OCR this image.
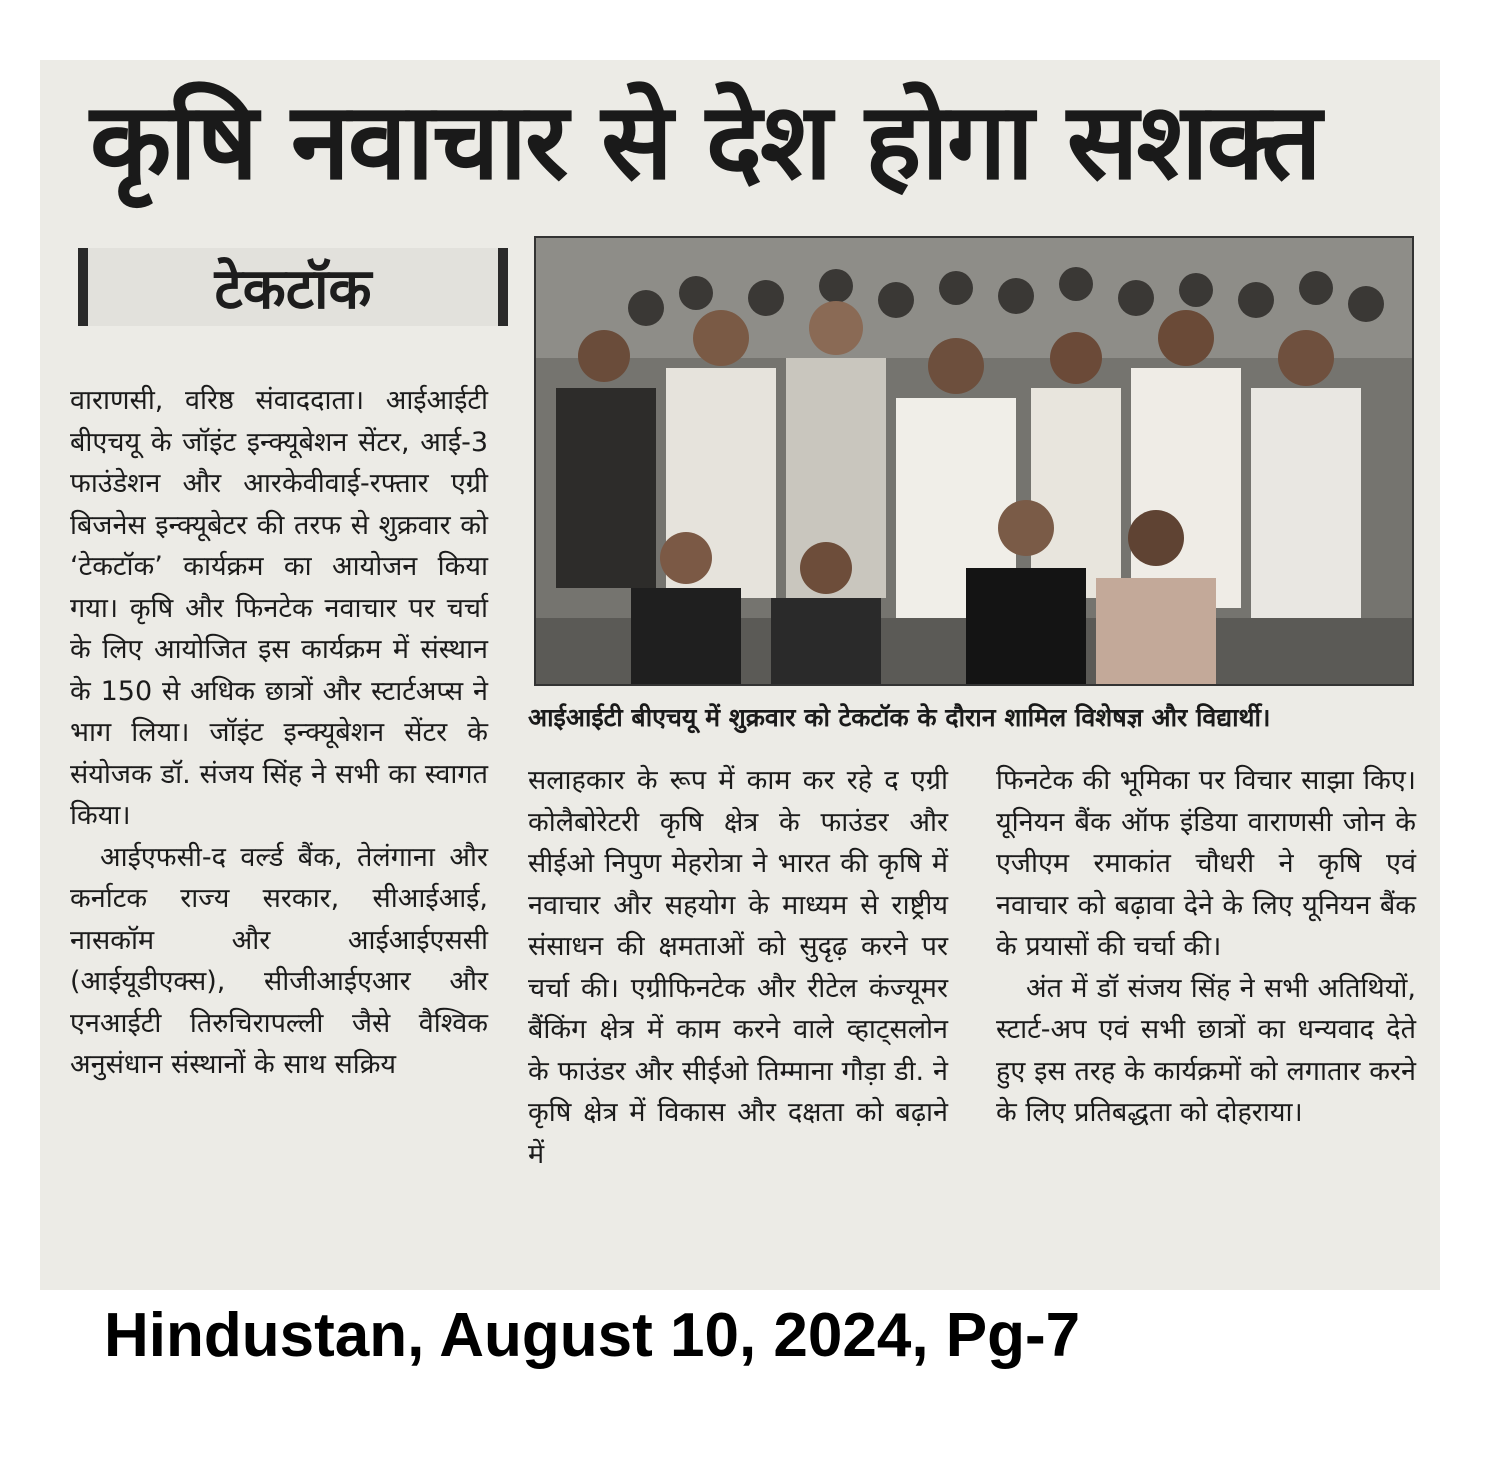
कृषि नवाचार से देश होगा सशक्त
टेकटॉक
आईआईटी बीएचयू में शुक्रवार को टेकटॉक के दौरान शामिल विशेषज्ञ और विद्यार्थी।

वाराणसी, वरिष्ठ संवाददाता। आईआईटी बीएचयू के जॉइंट इन्क्यूबेशन सेंटर, आई-3 फाउंडेशन और आरकेवीवाई-रफ्तार एग्री बिजनेस इन्क्यूबेटर की तरफ से शुक्रवार को ‘टेकटॉक’ कार्यक्रम का आयोजन किया गया। कृषि और फिनटेक नवाचार पर चर्चा के लिए आयोजित इस कार्यक्रम में संस्थान के 150 से अधिक छात्रों और स्टार्टअप्स ने भाग लिया। जॉइंट इन्क्यूबेशन सेंटर के संयोजक डॉ. संजय सिंह ने सभी का स्वागत किया।

आईएफसी-द वर्ल्ड बैंक, तेलंगाना और कर्नाटक राज्य सरकार, सीआईआई, नासकॉम और आईआईएससी (आईयूडीएक्स), सीजीआईएआर और एनआईटी तिरुचिरापल्ली जैसे वैश्विक अनुसंधान संस्थानों के साथ सक्रिय

सलाहकार के रूप में काम कर रहे द एग्री कोलैबोरेटरी कृषि क्षेत्र के फाउंडर और सीईओ निपुण मेहरोत्रा ने भारत की कृषि में नवाचार और सहयोग के माध्यम से राष्ट्रीय संसाधन की क्षमताओं को सुदृढ़ करने पर चर्चा की। एग्रीफिनटेक और रीटेल कंज्यूमर बैंकिंग क्षेत्र में काम करने वाले व्हाट्सलोन के फाउंडर और सीईओ तिम्माना गौड़ा डी. ने कृषि क्षेत्र में विकास और दक्षता को बढ़ाने में

फिनटेक की भूमिका पर विचार साझा किए। यूनियन बैंक ऑफ इंडिया वाराणसी जोन के एजीएम रमाकांत चौधरी ने कृषि एवं नवाचार को बढ़ावा देने के लिए यूनियन बैंक के प्रयासों की चर्चा की।

अंत में डॉ संजय सिंह ने सभी अतिथियों, स्टार्ट-अप एवं सभी छात्रों का धन्यवाद देते हुए इस तरह के कार्यक्रमों को लगातार करने के लिए प्रतिबद्धता को दोहराया।

Hindustan, August 10, 2024, Pg-7
